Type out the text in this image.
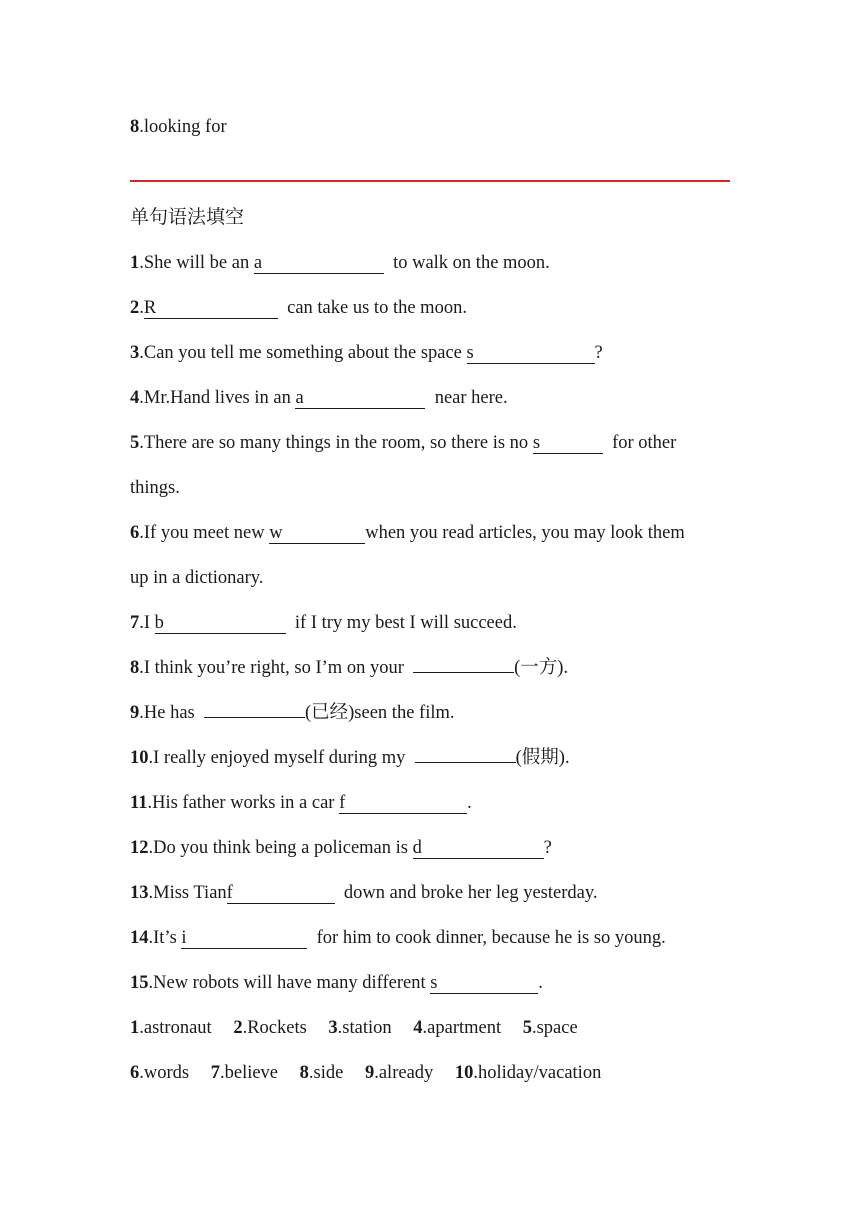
8.looking for
单句语法填空
1.She will be an a	to walk on the moon.
2.R	can take us to the moon.
3.Can you tell me something about the space s	?
4.Mr.Hand lives in an a	near here.
5.There are so many things in the room, so there is no s	for other
things.
6.If you meet new w	when you read articles, you may look them
up in a dictionary.
7.I b	if I try my best I will succeed.
8.I think you’re right, so I’m on your	(一方).
9.He has	(已经)seen the film.
10.I really enjoyed myself during my	(假期).
11.His father works in a car f	.
12.Do you think being a policeman is d	?
13.Miss Tianf	down and broke her leg yesterday.
14.It’s i	for him to cook dinner, because he is so young.
15.New robots will have many different s	.
1.astronaut 2.Rockets 3.station 4.apartment 5.space
6.words 7.believe 8.side 9.already 10.holiday/vacation
